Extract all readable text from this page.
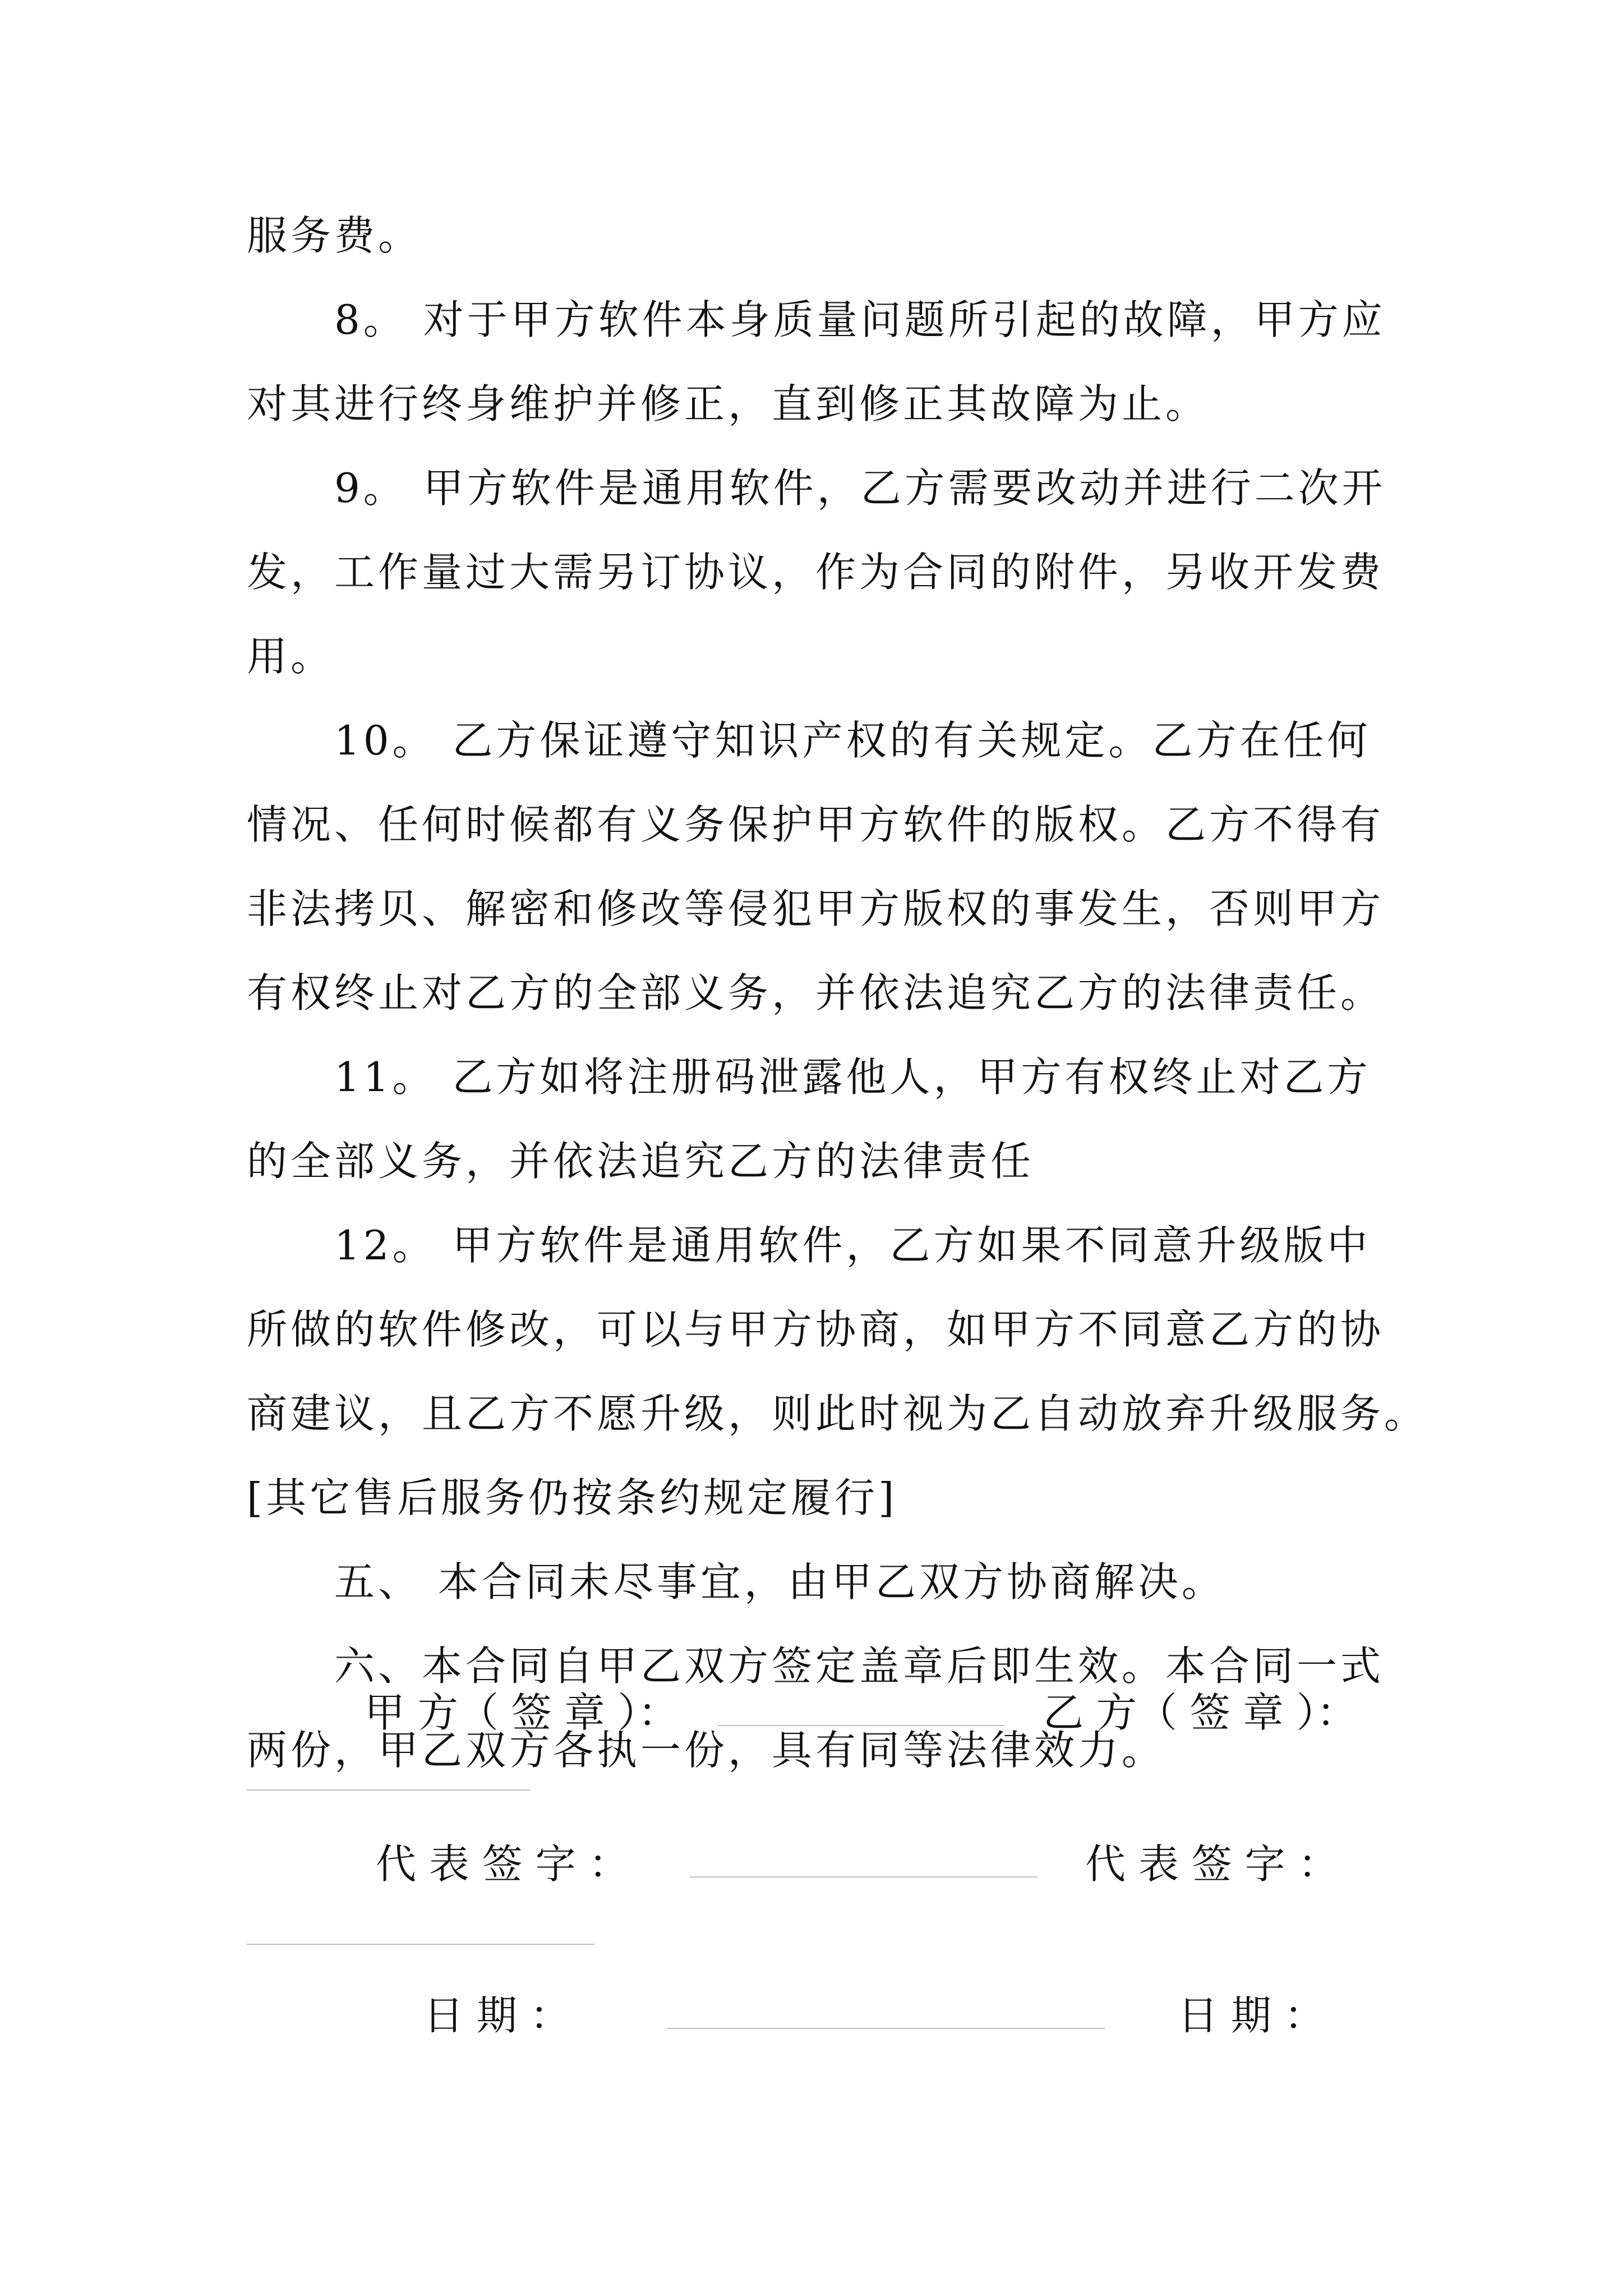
服务费。
8。 对于甲方软件本身质量问题所引起的故障，甲方应
对其进行终身维护并修正，直到修正其故障为止。
9。 甲方软件是通用软件，乙方需要改动并进行二次开
发，工作量过大需另订协议，作为合同的附件，另收开发费
用。
10。 乙方保证遵守知识产权的有关规定。乙方在任何
情况、任何时候都有义务保护甲方软件的版权。乙方不得有
非法拷贝、解密和修改等侵犯甲方版权的事发生，否则甲方
有权终止对乙方的全部义务，并依法追究乙方的法律责任。
11。 乙方如将注册码泄露他人，甲方有权终止对乙方
的全部义务，并依法追究乙方的法律责任
12。 甲方软件是通用软件，乙方如果不同意升级版中
所做的软件修改，可以与甲方协商，如甲方不同意乙方的协
商建议，且乙方不愿升级，则此时视为乙自动放弃升级服务。
[其它售后服务仍按条约规定履行]
五、 本合同未尽事宜，由甲乙双方协商解决。
六、本合同自甲乙双方签定盖章后即生效。本合同一式
两份，甲乙双方各执一份，具有同等法律效力。
甲 方（ 签 章 ）：	乙 方（ 签 章 ）：
代 表 签 字 ：	代 表 签 字 ：
日 期 ：	日 期 ：
